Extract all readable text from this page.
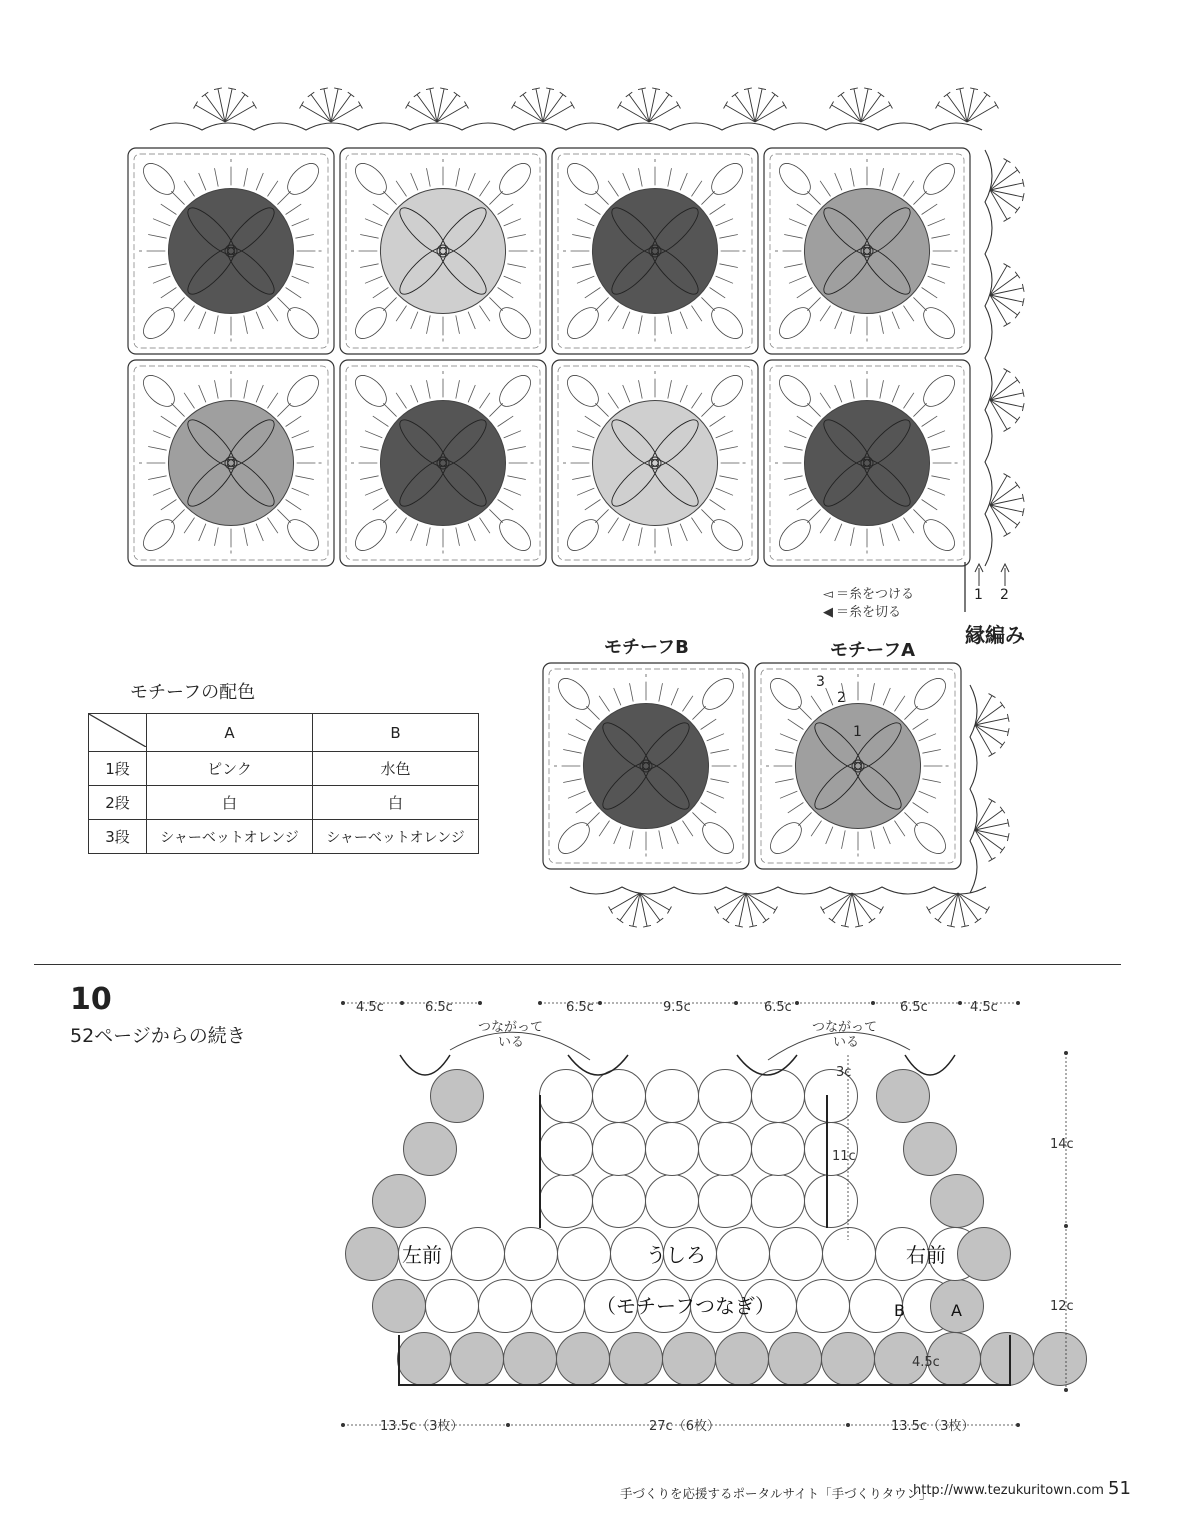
◅ ＝糸をつける
◀ ＝糸を切る
1 2
縁編み
モチーフB	モチーフA
3
2
1
モチーフの配色
	A	B
1段	ピンク	水色
2段	白	白
3段	シャーベットオレンジ	シャーベットオレンジ
10
52ページからの続き
4.5c	6.5c	6.5c	9.5c	6.5c	6.5c	4.5c
つながって
いる
つながって
いる
3c
11c
14c
12c
4.5c
左前	うしろ	右前
（モチーフつなぎ）	B	A
13.5c（3枚）	27c（6枚）	13.5c（3枚）
手づくりを応援するポータルサイト「手づくりタウン」
http://www.tezukuritown.com 51
